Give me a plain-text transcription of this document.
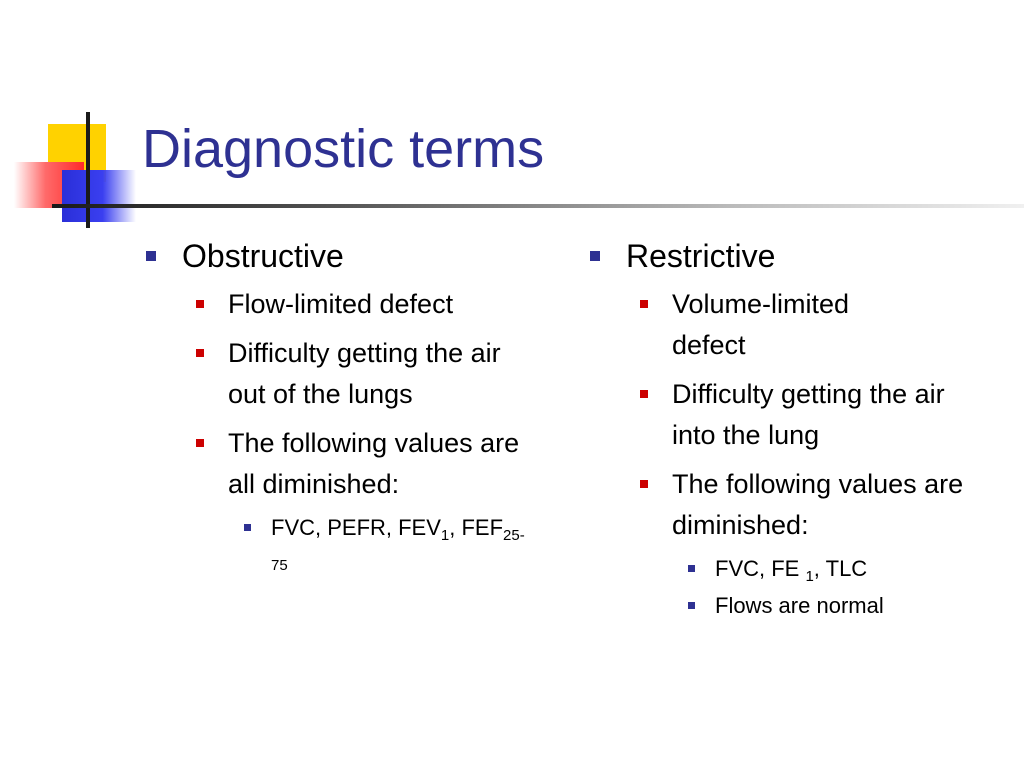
Diagnostic terms
Obstructive
Flow-limited defect
Difficulty getting the air out of the lungs
The following values are all diminished:
FVC, PEFR, $FEV_1$, $FEF_{25-75}$
Restrictive
Volume-limited defect
Difficulty getting the air into the lung
The following values are diminished:
FVC, FE $_1$, TLC
Flows are normal
